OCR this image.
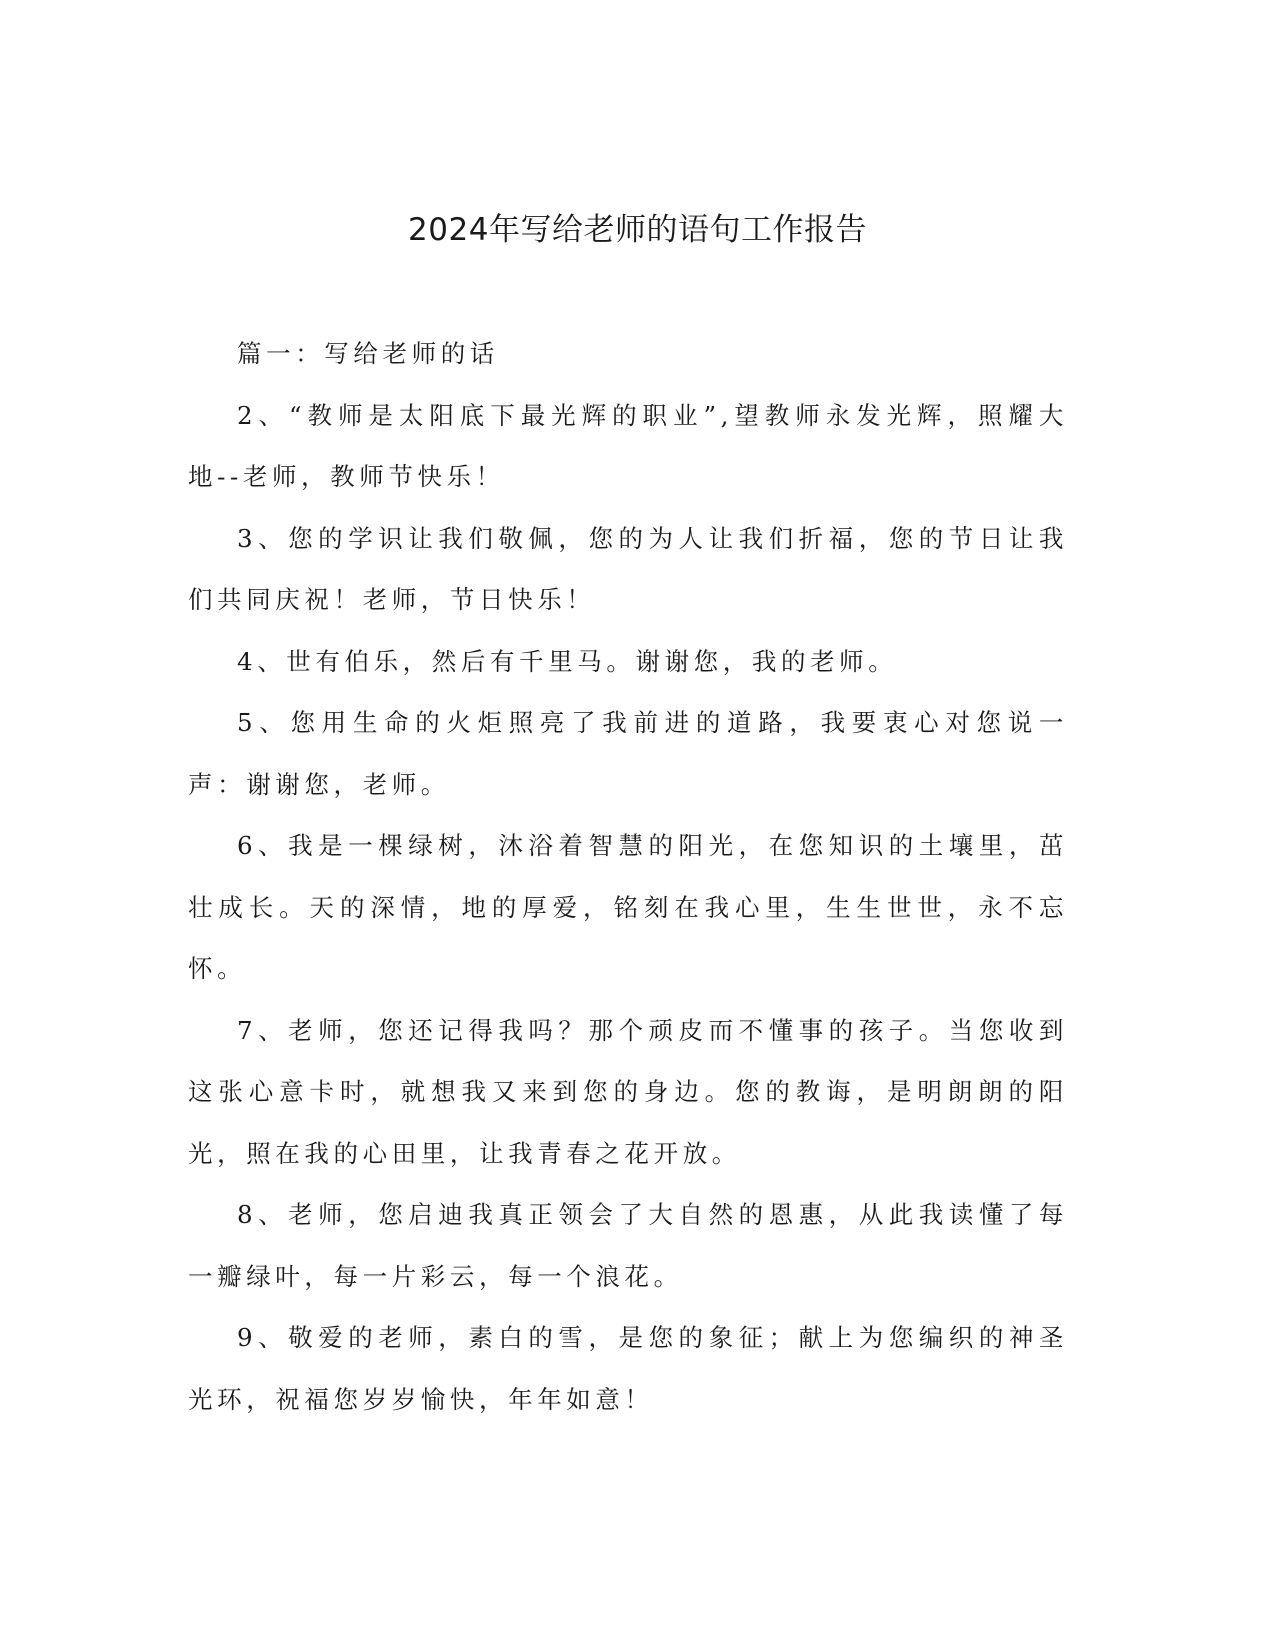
2024年写给老师的语句工作报告

篇一：写给老师的话

2、“教师是太阳底下最光辉的职业”,望教师永发光辉，照耀大地--老师，教师节快乐！

3、您的学识让我们敬佩，您的为人让我们折福，您的节日让我们共同庆祝！老师，节日快乐！

4、世有伯乐，然后有千里马。谢谢您，我的老师。

5、您用生命的火炬照亮了我前进的道路，我要衷心对您说一声：谢谢您，老师。

6、我是一棵绿树，沐浴着智慧的阳光，在您知识的土壤里，茁壮成长。天的深情，地的厚爱，铭刻在我心里，生生世世，永不忘怀。

7、老师，您还记得我吗？那个顽皮而不懂事的孩子。当您收到这张心意卡时，就想我又来到您的身边。您的教诲，是明朗朗的阳光，照在我的心田里，让我青春之花开放。

8、老师，您启迪我真正领会了大自然的恩惠，从此我读懂了每一瓣绿叶，每一片彩云，每一个浪花。

9、敬爱的老师，素白的雪，是您的象征；献上为您编织的神圣光环，祝福您岁岁愉快，年年如意！
